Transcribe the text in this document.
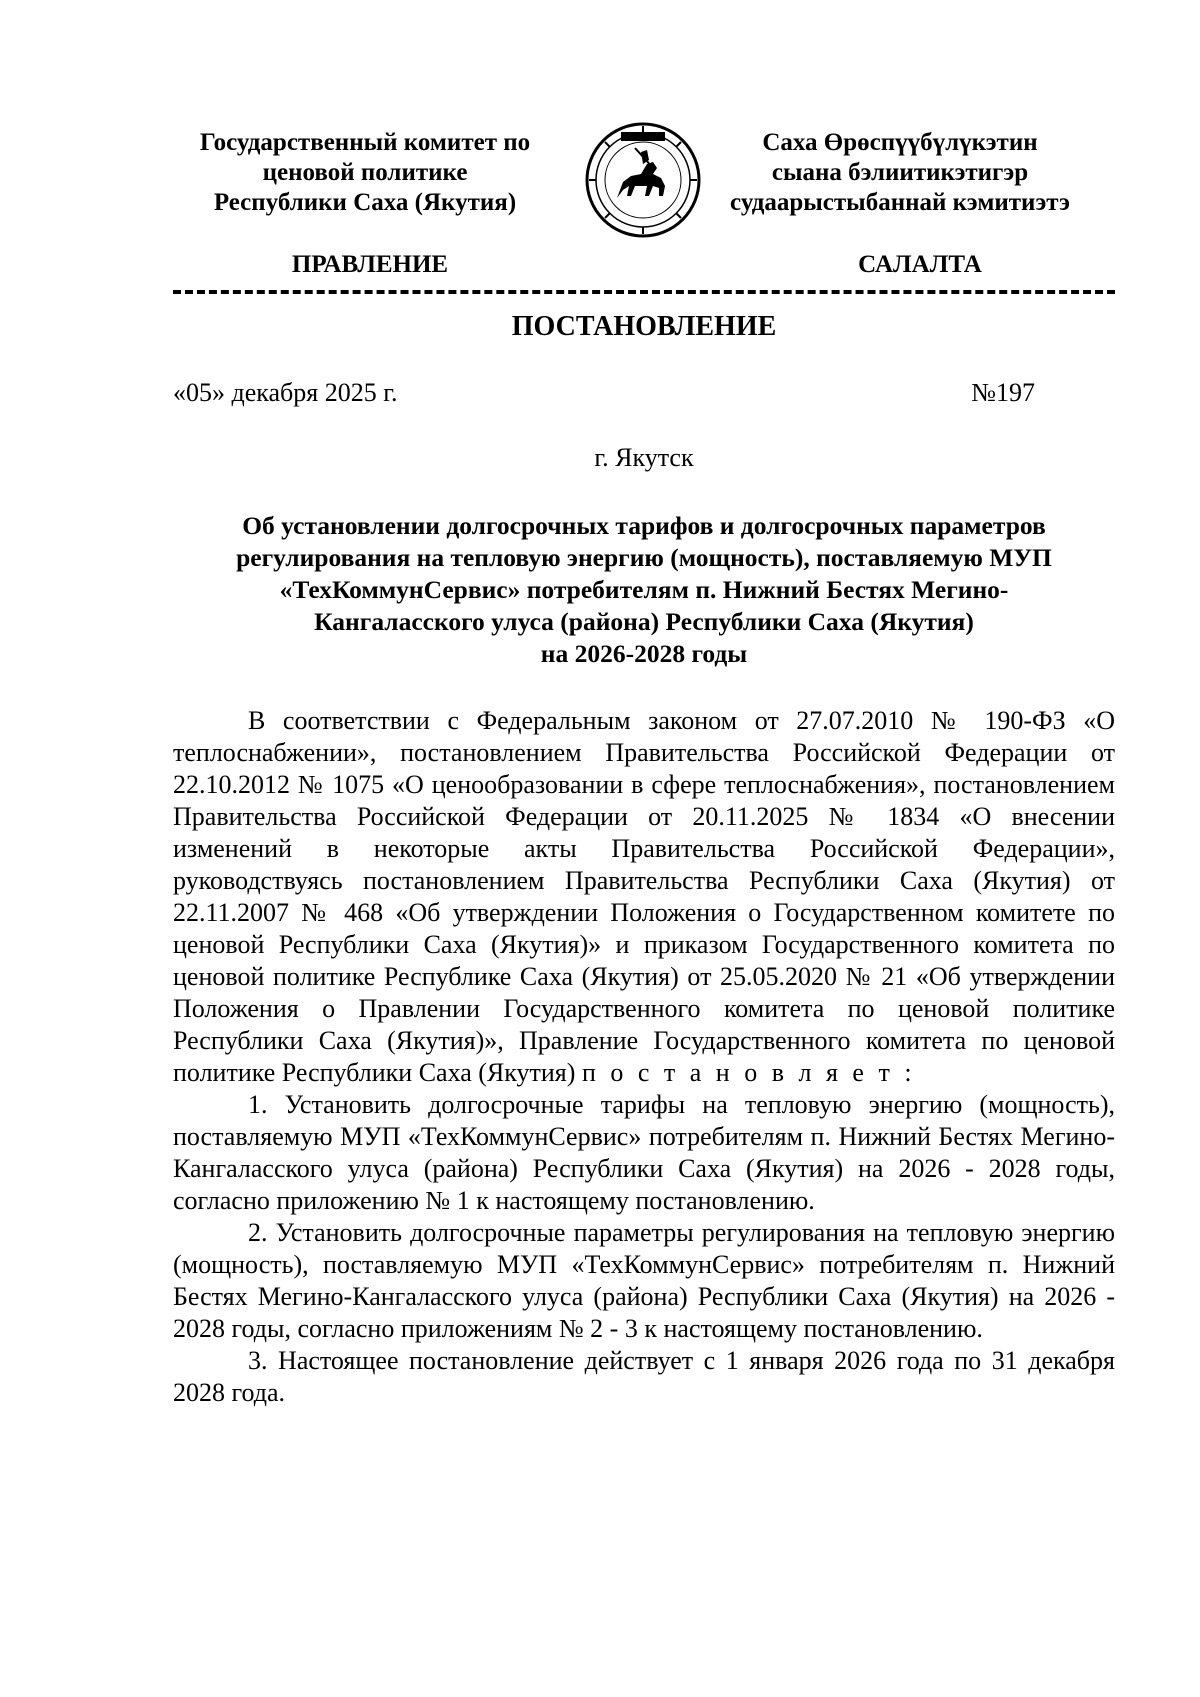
Государственный комитет по
ценовой политике
Республики Саха (Якутия)
Саха Өрөспүүбүлүкэтин
сыана бэлиитикэтигэр
судаарыстыбаннай кэмитиэтэ
ПРАВЛЕНИЕ	САЛАЛТА
ПОСТАНОВЛЕНИЕ
«05» декабря 2025 г.	№197
г. Якутск
Об установлении долгосрочных тарифов и долгосрочных параметров
регулирования на тепловую энергию (мощность), поставляемую МУП
«ТехКоммунСервис» потребителям п. Нижний Бестях Мегино-
Кангаласского улуса (района) Республики Саха (Якутия)
на 2026-2028 годы

В соответствии с Федеральным законом от 27.07.2010 № 190-ФЗ «О теплоснабжении», постановлением Правительства Российской Федерации от 22.10.2012 № 1075 «О ценообразовании в сфере теплоснабжения», постановлением Правительства Российской Федерации от 20.11.2025 № 1834 «О внесении изменений в некоторые акты Правительства Российской Федерации», руководствуясь постановлением Правительства Республики Саха (Якутия) от 22.11.2007 № 468 «Об утверждении Положения о Государственном комитете по ценовой Республики Саха (Якутия)» и приказом Государственного комитета по ценовой политике Республике Саха (Якутия) от 25.05.2020 № 21 «Об утверждении Положения о Правлении Государственного комитета по ценовой политике Республики Саха (Якутия)», Правление Государственного комитета по ценовой политике Республики Саха (Якутия) п о с т а н о в л я е т :

1. Установить долгосрочные тарифы на тепловую энергию (мощность), поставляемую МУП «ТехКоммунСервис» потребителям п. Нижний Бестях Мегино-Кангаласского улуса (района) Республики Саха (Якутия) на 2026 - 2028 годы, согласно приложению № 1 к настоящему постановлению.

2. Установить долгосрочные параметры регулирования на тепловую энергию (мощность), поставляемую МУП «ТехКоммунСервис» потребителям п. Нижний Бестях Мегино-Кангаласского улуса (района) Республики Саха (Якутия) на 2026 - 2028 годы, согласно приложениям № 2 - 3 к настоящему постановлению.

3. Настоящее постановление действует с 1 января 2026 года по 31 декабря 2028 года.
